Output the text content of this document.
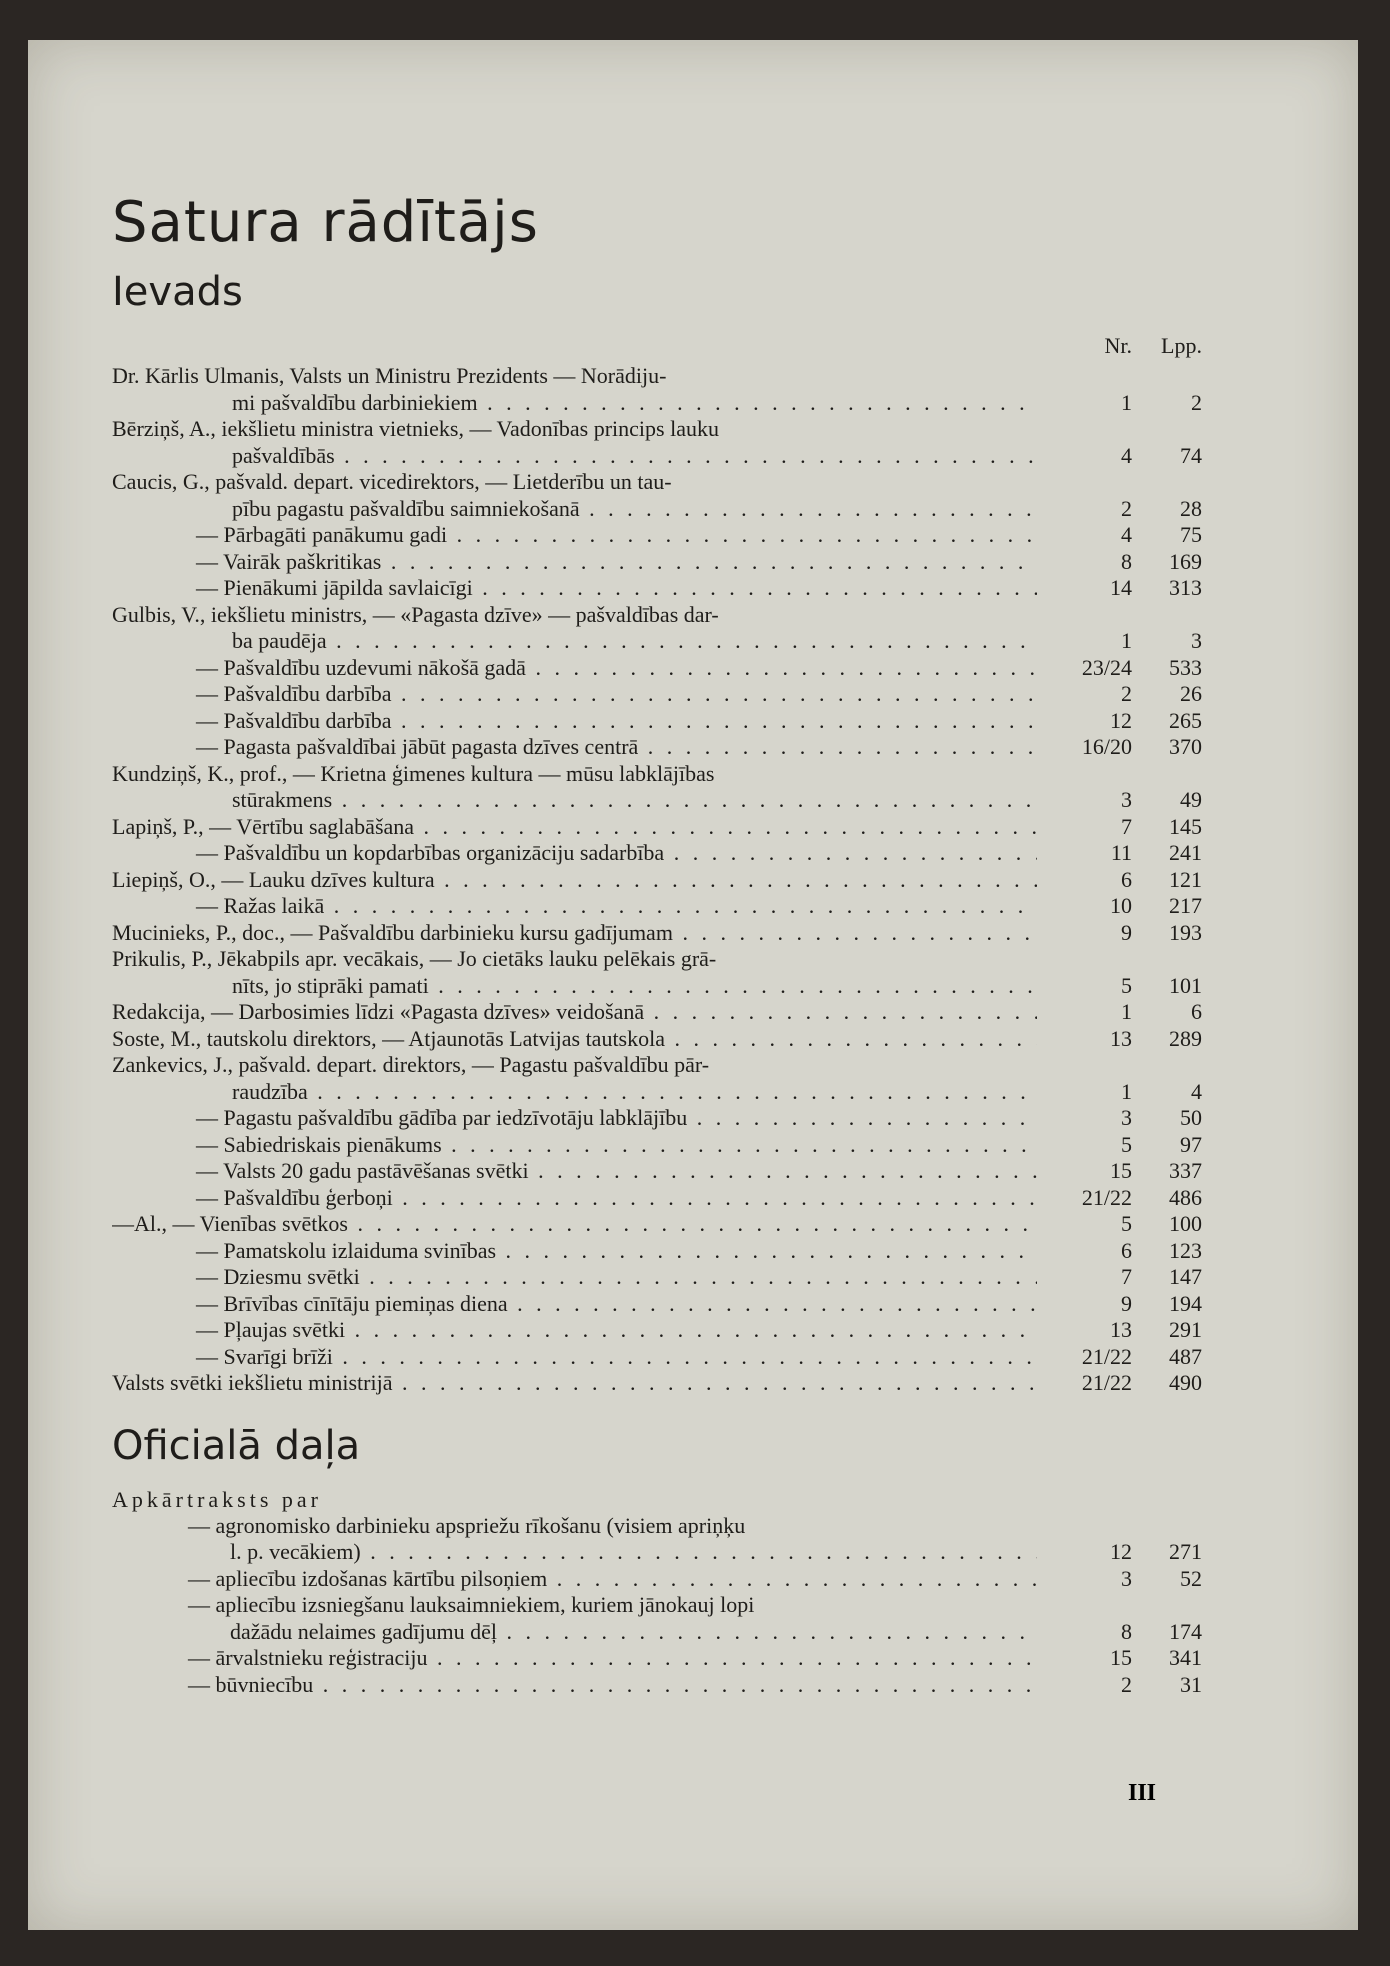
Satura rādītājs
Ievads
Nr.	Lpp.
Dr. Kārlis Ulmanis, Valsts un Ministru Prezidents — Norādiju-
mi pašvaldību darbiniekiem . . .	1	2
Bērziņš, A., iekšlietu ministra vietnieks, — Vadonības princips lauku
pašvaldībās . . .	4	74
Caucis, G., pašvald. depart. vicedirektors, — Lietderību un tau-
pību pagastu pašvaldību saimniekošanā . . .	2	28
— Pārbagāti panākumu gadi . . .	4	75
— Vairāk paškritikas . . .	8	169
— Pienākumi jāpilda savlaicīgi . . .	14	313
Gulbis, V., iekšlietu ministrs, — «Pagasta dzīve» — pašvaldības dar-
ba paudēja . . .	1	3
— Pašvaldību uzdevumi nākošā gadā . . .	23/24	533
— Pašvaldību darbība . . .	2	26
— Pašvaldību darbība . . .	12	265
— Pagasta pašvaldībai jābūt pagasta dzīves centrā . . .	16/20	370
Kundziņš, K., prof., — Krietna ģimenes kultura — mūsu labklājības
stūrakmens . . .	3	49
Lapiņš, P., — Vērtību saglabāšana . . .	7	145
— Pašvaldību un kopdarbības organizāciju sadarbība . . .	11	241
Liepiņš, O., — Lauku dzīves kultura . . .	6	121
— Ražas laikā . . .	10	217
Mucinieks, P., doc., — Pašvaldību darbinieku kursu gadījumam . . .	9	193
Prikulis, P., Jēkabpils apr. vecākais, — Jo cietāks lauku pelēkais grā-
nīts, jo stiprāki pamati . . .	5	101
Redakcija, — Darbosimies līdzi «Pagasta dzīves» veidošanā . . .	1	6
Soste, M., tautskolu direktors, — Atjaunotās Latvijas tautskola . . .	13	289
Zankevics, J., pašvald. depart. direktors, — Pagastu pašvaldību pār-
raudzība . . .	1	4
— Pagastu pašvaldību gādība par iedzīvotāju labklājību . . .	3	50
— Sabiedriskais pienākums . . .	5	97
— Valsts 20 gadu pastāvēšanas svētki . . .	15	337
— Pašvaldību ģerboņi . . .	21/22	486
—Al., — Vienības svētkos . . .	5	100
— Pamatskolu izlaiduma svinības . . .	6	123
— Dziesmu svētki . . .	7	147
— Brīvības cīnītāju piemiņas diena . . .	9	194
— Pļaujas svētki . . .	13	291
— Svarīgi brīži . . .	21/22	487
Valsts svētki iekšlietu ministrijā . . .	21/22	490
Oficialā daļa
Apkārtraksts par
— agronomisko darbinieku apspriežu rīkošanu (visiem apriņķu
l. p. vecākiem) . . .	12	271
— apliecību izdošanas kārtību pilsoņiem . . .	3	52
— apliecību izsniegšanu lauksaimniekiem, kuriem jānokauj lopi
dažādu nelaimes gadījumu dēļ . . .	8	174
— ārvalstnieku reģistraciju . . .	15	341
— būvniecību . . .	2	31
III
